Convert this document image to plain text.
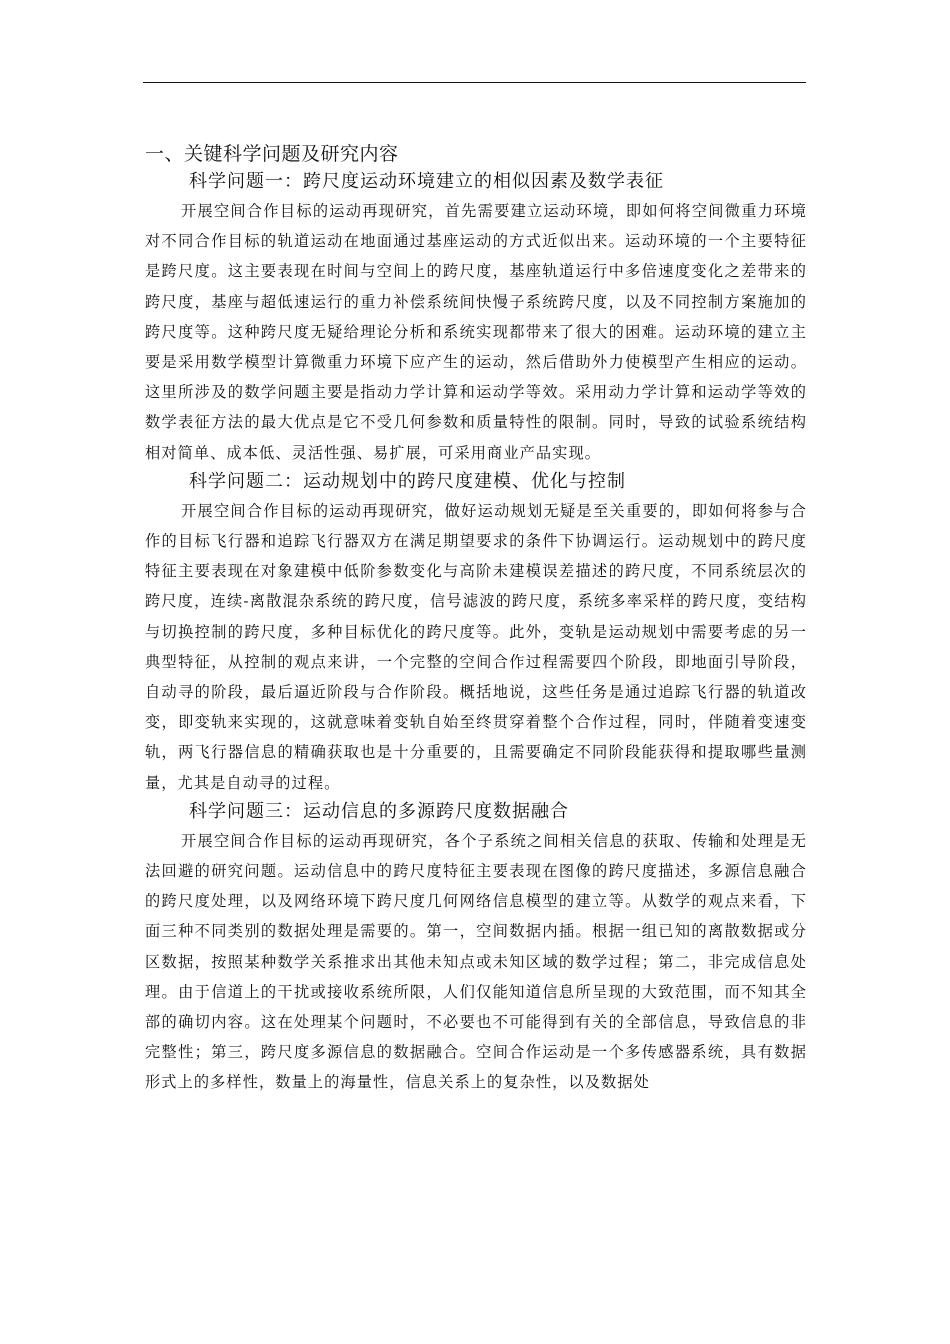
一、关键科学问题及研究内容
科学问题一：跨尺度运动环境建立的相似因素及数学表征

开展空间合作目标的运动再现研究，首先需要建立运动环境，即如何将空间微重力环境对不同合作目标的轨道运动在地面通过基座运动的方式近似出来。运动环境的一个主要特征是跨尺度。这主要表现在时间与空间上的跨尺度，基座轨道运行中多倍速度变化之差带来的跨尺度，基座与超低速运行的重力补偿系统间快慢子系统跨尺度，以及不同控制方案施加的跨尺度等。这种跨尺度无疑给理论分析和系统实现都带来了很大的困难。运动环境的建立主要是采用数学模型计算微重力环境下应产生的运动，然后借助外力使模型产生相应的运动。这里所涉及的数学问题主要是指动力学计算和运动学等效。采用动力学计算和运动学等效的数学表征方法的最大优点是它不受几何参数和质量特性的限制。同时，导致的试验系统结构相对简单、成本低、灵活性强、易扩展，可采用商业产品实现。

科学问题二：运动规划中的跨尺度建模、优化与控制

开展空间合作目标的运动再现研究，做好运动规划无疑是至关重要的，即如何将参与合作的目标飞行器和追踪飞行器双方在满足期望要求的条件下协调运行。运动规划中的跨尺度特征主要表现在对象建模中低阶参数变化与高阶未建模误差描述的跨尺度，不同系统层次的跨尺度，连续-离散混杂系统的跨尺度，信号滤波的跨尺度，系统多率采样的跨尺度，变结构与切换控制的跨尺度，多种目标优化的跨尺度等。此外，变轨是运动规划中需要考虑的另一典型特征，从控制的观点来讲，一个完整的空间合作过程需要四个阶段，即地面引导阶段，自动寻的阶段，最后逼近阶段与合作阶段。概括地说，这些任务是通过追踪飞行器的轨道改变，即变轨来实现的，这就意味着变轨自始至终贯穿着整个合作过程，同时，伴随着变速变轨，两飞行器信息的精确获取也是十分重要的，且需要确定不同阶段能获得和提取哪些量测量，尤其是自动寻的过程。

科学问题三：运动信息的多源跨尺度数据融合

开展空间合作目标的运动再现研究，各个子系统之间相关信息的获取、传输和处理是无法回避的研究问题。运动信息中的跨尺度特征主要表现在图像的跨尺度描述，多源信息融合的跨尺度处理，以及网络环境下跨尺度几何网络信息模型的建立等。从数学的观点来看，下面三种不同类别的数据处理是需要的。第一，空间数据内插。根据一组已知的离散数据或分区数据，按照某种数学关系推求出其他未知点或未知区域的数学过程；第二，非完成信息处理。由于信道上的干扰或接收系统所限，人们仅能知道信息所呈现的大致范围，而不知其全部的确切内容。这在处理某个问题时，不必要也不可能得到有关的全部信息，导致信息的非完整性；第三，跨尺度多源信息的数据融合。空间合作运动是一个多传感器系统，具有数据形式上的多样性，数量上的海量性，信息关系上的复杂性，以及数据处
